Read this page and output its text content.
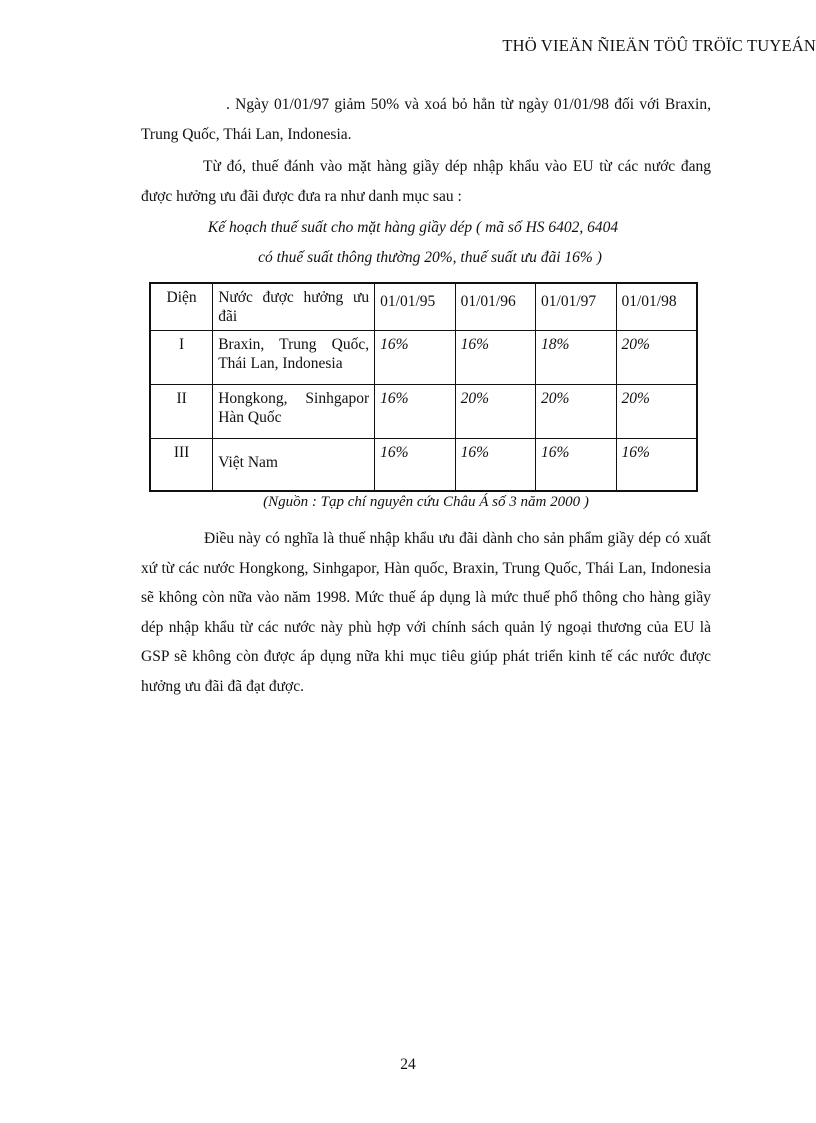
THÖ VIEÄN ÑIEÄN TÖÛ TRÖÏC TUYEÁN

. Ngày 01/01/97 giảm 50% và xoá bỏ hẳn từ ngày 01/01/98 đối với Braxin, Trung Quốc, Thái Lan, Indonesia.

Từ đó, thuế đánh vào mặt hàng giầy dép nhập khẩu vào EU từ các nước đang được hưởng ưu đãi được đưa ra như danh mục sau :

Kế hoạch thuế suất cho mặt hàng giầy dép ( mã số HS 6402, 6404

có thuế suất thông thường 20%, thuế suất ưu đãi 16% )

Diện	Nước được hưởng ưu đãi	01/01/95	01/01/96	01/01/97	01/01/98
I	Braxin, Trung Quốc, Thái Lan, Indonesia	16%	16%	18%	20%
II	Hongkong, Sinhgapor Hàn Quốc	16%	20%	20%	20%
III	Việt Nam	16%	16%	16%	16%

(Nguồn : Tạp chí nguyên cứu Châu Á số 3 năm 2000 )

Điều này có nghĩa là thuế nhập khẩu ưu đãi dành cho sản phẩm giầy dép có xuất xứ từ các nước Hongkong, Sinhgapor, Hàn quốc, Braxin, Trung Quốc, Thái Lan, Indonesia sẽ không còn nữa vào năm 1998. Mức thuế áp dụng là mức thuế phổ thông cho hàng giầy dép nhập khẩu từ các nước này phù hợp với chính sách quản lý ngoại thương của EU là GSP sẽ không còn được áp dụng nữa khi mục tiêu giúp phát triển kinh tế các nước được hưởng ưu đãi đã đạt được.

24
